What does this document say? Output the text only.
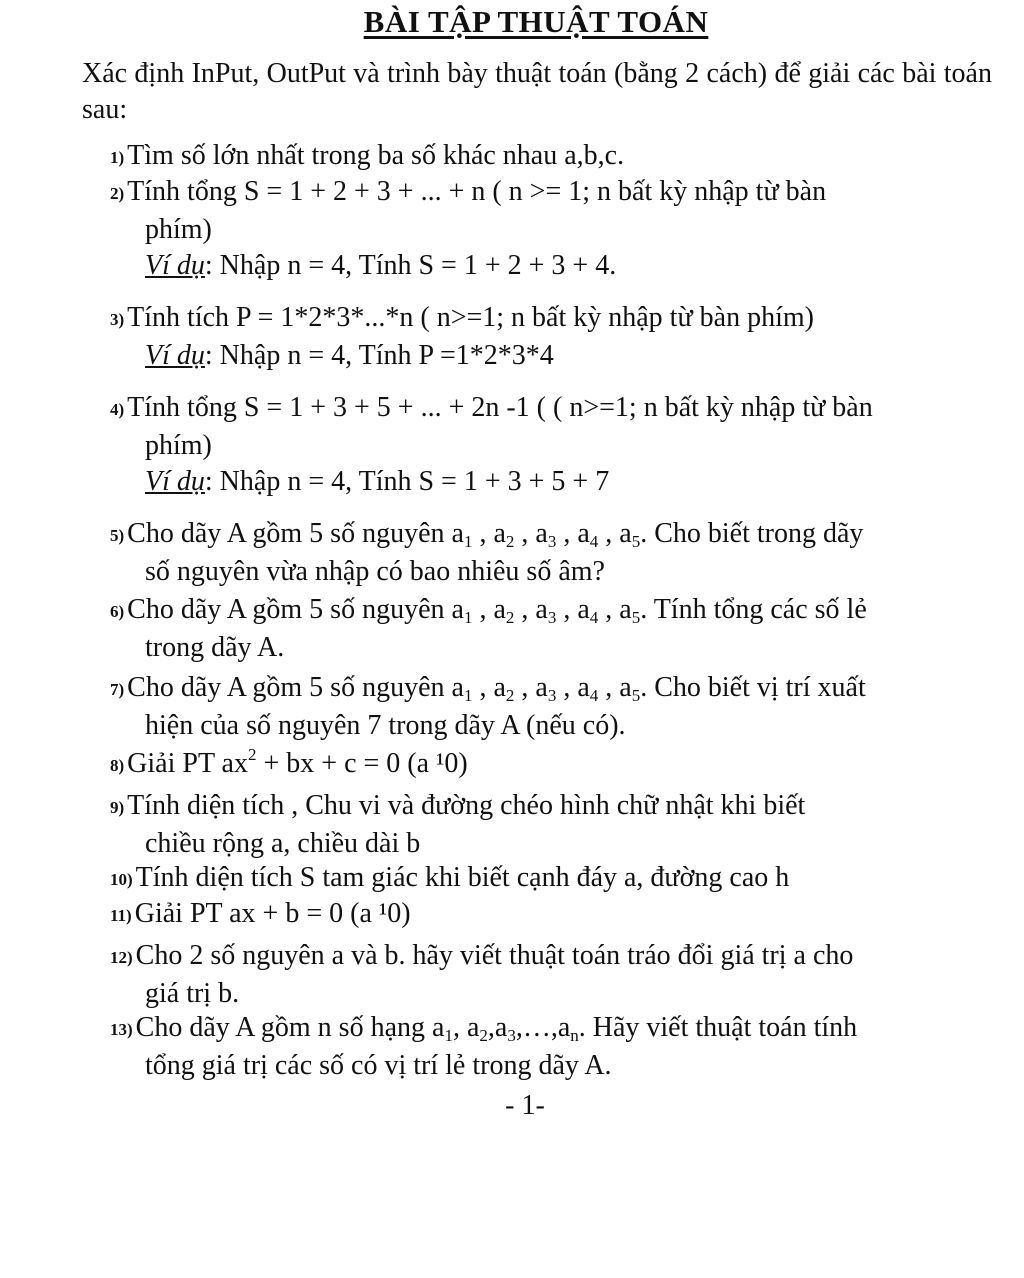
BÀI TẬP THUẬT TOÁN
Xác định InPut, OutPut và trình bày thuật toán (bằng 2 cách) để giải các bài toán sau:
1) Tìm số lớn nhất trong ba số khác nhau a,b,c.
2) Tính tổng S = 1 + 2 + 3 + ... + n ( n >= 1; n bất kỳ nhập từ bàn
phím)
Ví dụ: Nhập n = 4, Tính S = 1 + 2 + 3 + 4.
3) Tính tích P = 1*2*3*...*n ( n>=1; n bất kỳ nhập từ bàn phím)
Ví dụ: Nhập n = 4, Tính P =1*2*3*4
4) Tính tổng S = 1 + 3 + 5 + ... + 2n -1 ( ( n>=1; n bất kỳ nhập từ bàn
phím)
Ví dụ: Nhập n = 4, Tính S = 1 + 3 + 5 + 7
5) Cho dãy A gồm 5 số nguyên $a_1$ , $a_2$ , $a_3$ , $a_4$ , $a_5$. Cho biết trong dãy
số nguyên vừa nhập có bao nhiêu số âm?
6) Cho dãy A gồm 5 số nguyên $a_1$ , $a_2$ , $a_3$ , $a_4$ , $a_5$. Tính tổng các số lẻ
trong dãy A.
7) Cho dãy A gồm 5 số nguyên $a_1$ , $a_2$ , $a_3$ , $a_4$ , $a_5$. Cho biết vị trí xuất
hiện của số nguyên 7 trong dãy A (nếu có).
8) Giải PT $ax^2$ + bx + c = 0 (a ¹0)
9) Tính diện tích , Chu vi và đường chéo hình chữ nhật khi biết
chiều rộng a, chiều dài b
10) Tính diện tích S tam giác khi biết cạnh đáy a, đường cao h
11) Giải PT ax + b = 0 (a ¹0)
12) Cho 2 số nguyên a và b. hãy viết thuật toán tráo đổi giá trị a cho
giá trị b.
13) Cho dãy A gồm n số hạng $a_1$, $a_2,a_3,\dots,a_n$. Hãy viết thuật toán tính
tổng giá trị các số có vị trí lẻ trong dãy A.
- 1-
